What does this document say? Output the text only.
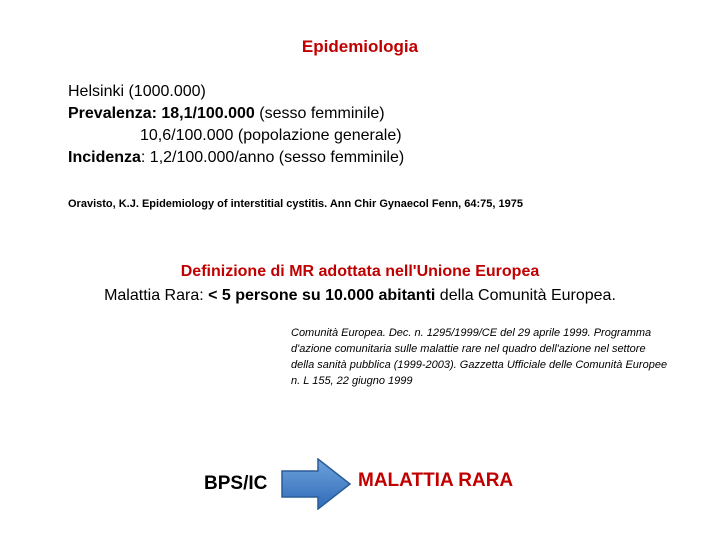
Epidemiologia
Helsinki (1000.000)
Prevalenza: 18,1/100.000 (sesso femminile)
10,6/100.000 (popolazione generale)
Incidenza: 1,2/100.000/anno (sesso femminile)
Oravisto, K.J. Epidemiology of interstitial cystitis. Ann Chir Gynaecol Fenn, 64:75, 1975
Definizione di MR adottata nell'Unione Europea
Malattia Rara: < 5 persone su 10.000 abitanti della Comunità Europea.
Comunità Europea. Dec. n. 1295/1999/CE del 29 aprile 1999. Programma d'azione comunitaria sulle malattie rare nel quadro dell'azione nel settore della sanità pubblica (1999-2003). Gazzetta Ufficiale delle Comunità Europee n. L 155, 22 giugno 1999
BPS/IC	MALATTIA RARA
